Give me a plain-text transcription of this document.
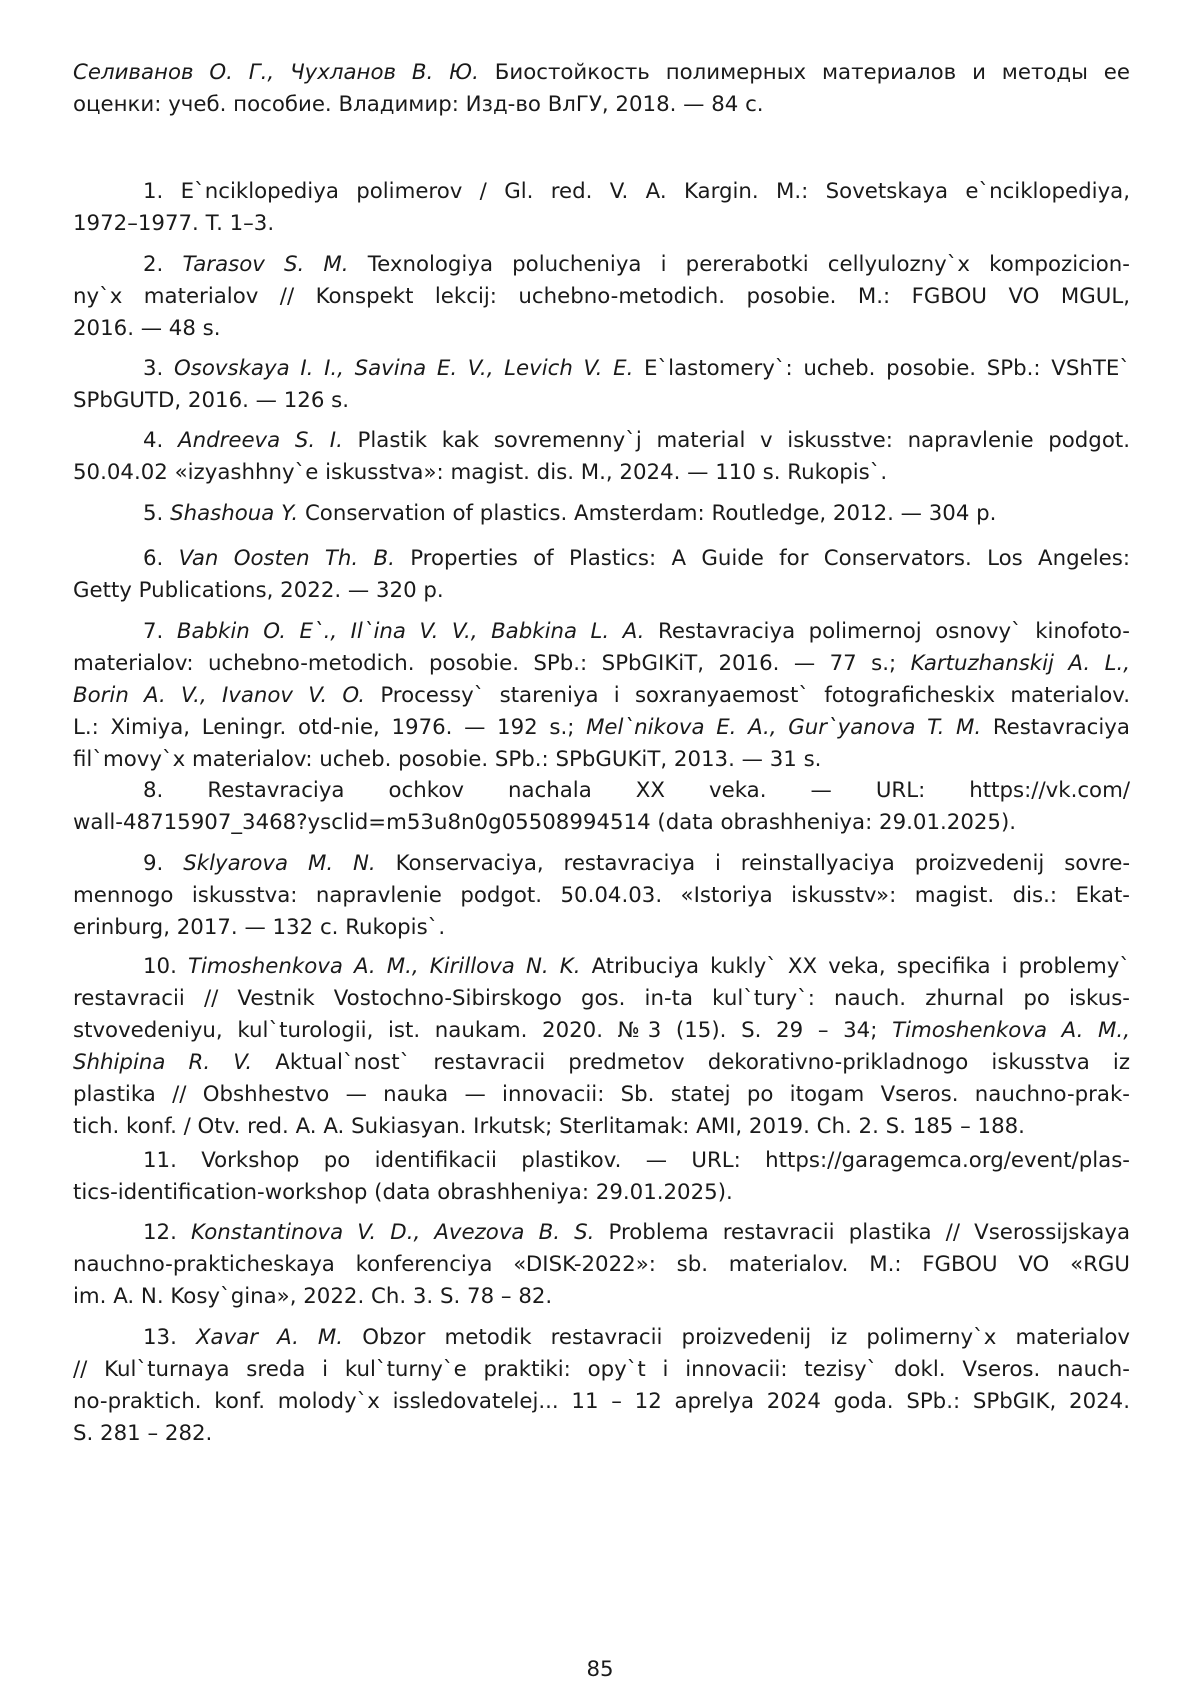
Селиванов О. Г., Чухланов В. Ю. Биостойкость полимерных материалов и методы ее
оценки: учеб. пособие. Владимир: Изд-во ВлГУ, 2018. — 84 с.
1. E`nciklopediya polimerov / Gl. red. V. A. Kargin. M.: Sovetskaya e`nciklopediya,
1972–1977. T. 1–3.
2. Tarasov S. M. Texnologiya polucheniya i pererabotki cellyulozny`x kompozicion-
ny`x materialov // Konspekt lekcij: uchebno-metodich. posobie. M.: FGBOU VO MGUL,
2016. — 48 s.
3. Osovskaya I. I., Savina E. V., Levich V. E. E`lastomery`: ucheb. posobie. SPb.: VShTE`
SPbGUTD, 2016. — 126 s.
4. Andreeva S. I. Plastik kak sovremenny`j material v iskusstve: napravlenie podgot.
50.04.02 «izyashhny`e iskusstva»: magist. dis. M., 2024. — 110 s. Rukopis`.
5. Shashoua Y. Conservation of plastics. Amsterdam: Routledge, 2012. — 304 p.
6. Van Oosten Th. B. Properties of Plastics: A Guide for Conservators. Los Angeles:
Getty Publications, 2022. — 320 p.
7. Babkin O. E`., Il`ina V. V., Babkina L. A. Restavraciya polimernoj osnovy` kinofoto-
materialov: uchebno-metodich. posobie. SPb.: SPbGIKiT, 2016. — 77 s.; Kartuzhanskij A. L.,
Borin A. V., Ivanov V. O. Processy` stareniya i soxranyaemost` fotograficheskix materialov.
L.: Ximiya, Leningr. otd-nie, 1976. — 192 s.; Mel`nikova E. A., Gur`yanova T. M. Restavraciya
fil`movy`x materialov: ucheb. posobie. SPb.: SPbGUKiT, 2013. — 31 s.
8. Restavraciya ochkov nachala XX veka. — URL: https://vk.com/
wall-48715907_3468?ysclid=m53u8n0g05508994514 (data obrashheniya: 29.01.2025).
9. Sklyarova M. N. Konservaciya, restavraciya i reinstallyaciya proizvedenij sovre-
mennogo iskusstva: napravlenie podgot. 50.04.03. «Istoriya iskusstv»: magist. dis.: Ekat-
erinburg, 2017. — 132 c. Rukopis`.
10. Timoshenkova A. M., Kirillova N. K. Atribuciya kukly` XX veka, specifika i problemy`
restavracii // Vestnik Vostochno-Sibirskogo gos. in-ta kul`tury`: nauch. zhurnal po iskus-
stvovedeniyu, kul`turologii, ist. naukam. 2020. №3 (15). S. 29 – 34; Timoshenkova A. M.,
Shhipina R. V. Aktual`nost` restavracii predmetov dekorativno-prikladnogo iskusstva iz
plastika // Obshhestvo — nauka — innovacii: Sb. statej po itogam Vseros. nauchno-prak-
tich. konf. / Otv. red. A. A. Sukiasyan. Irkutsk; Sterlitamak: AMI, 2019. Ch. 2. S. 185 – 188.
11. Vorkshop po identifikacii plastikov. — URL: https://garagemca.org/event/plas-
tics-identification-workshop (data obrashheniya: 29.01.2025).
12. Konstantinova V. D., Avezova B. S. Problema restavracii plastika // Vserossijskaya
nauchno-prakticheskaya konferenciya «DISK-2022»: sb. materialov. M.: FGBOU VO «RGU
im. A. N. Kosy`gina», 2022. Ch. 3. S. 78 – 82.
13. Xavar A. M. Obzor metodik restavracii proizvedenij iz polimerny`x materialov
// Kul`turnaya sreda i kul`turny`e praktiki: opy`t i innovacii: tezisy` dokl. Vseros. nauch-
no-praktich. konf. molody`x issledovatelej... 11 – 12 aprelya 2024 goda. SPb.: SPbGIK, 2024.
S. 281 – 282.
85
